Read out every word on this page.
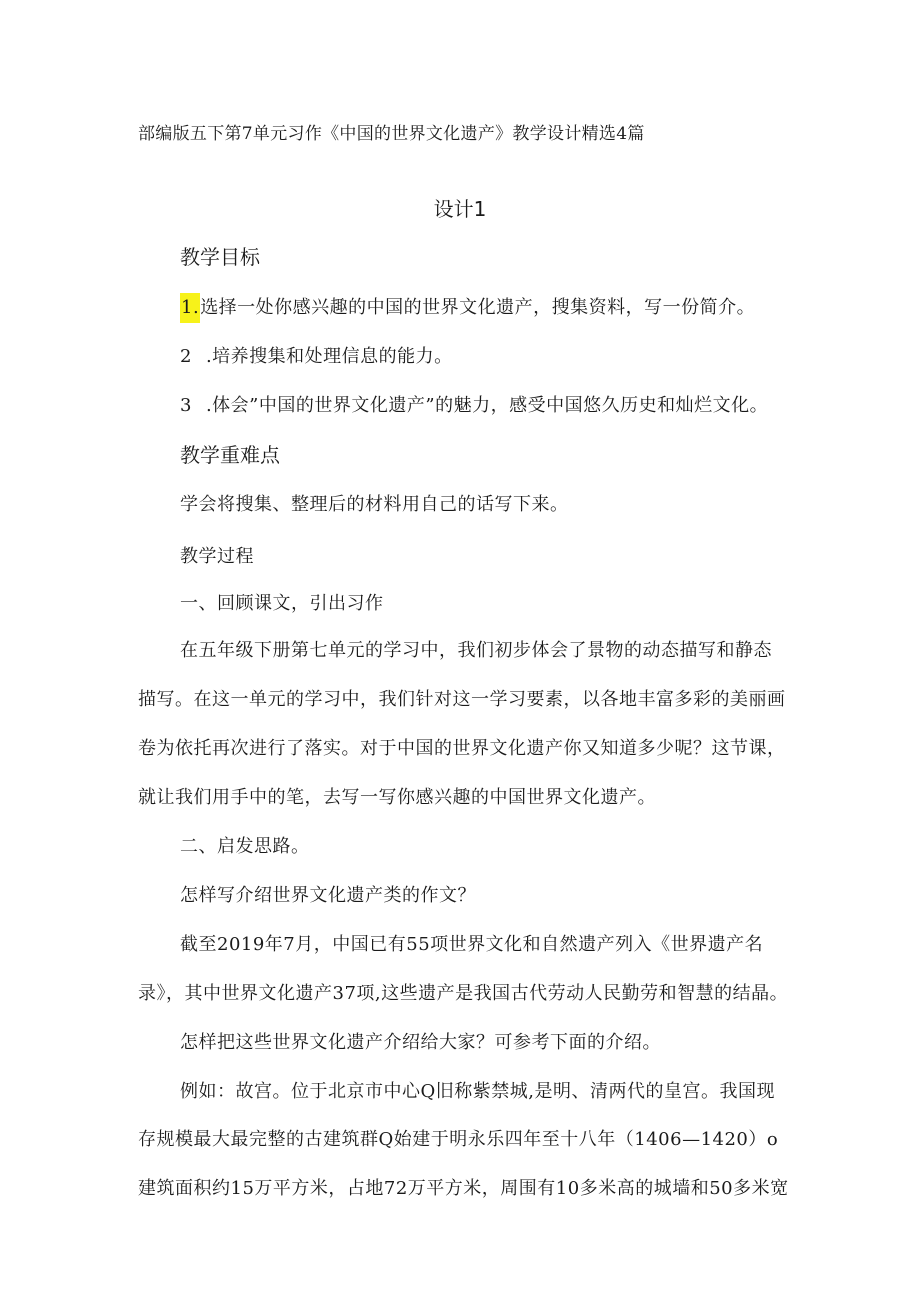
部编版五下第7单元习作《中国的世界文化遗产》教学设计精选4篇
设计1
教学目标
1.选择一处你感兴趣的中国的世界文化遗产，搜集资料，写一份简介。
2 .培养搜集和处理信息的能力。
3 .体会”中国的世界文化遗产”的魅力，感受中国悠久历史和灿烂文化。
教学重难点
学会将搜集、整理后的材料用自己的话写下来。
教学过程
一、回顾课文，引出习作
在五年级下册第七单元的学习中，我们初步体会了景物的动态描写和静态
描写。在这一单元的学习中，我们针对这一学习要素，以各地丰富多彩的美丽画
卷为依托再次进行了落实。对于中国的世界文化遗产你又知道多少呢？这节课，
就让我们用手中的笔，去写一写你感兴趣的中国世界文化遗产。
二、启发思路。
怎样写介绍世界文化遗产类的作文？
截至2019年7月，中国已有55项世界文化和自然遗产列入《世界遗产名
录》，其中世界文化遗产37项,这些遗产是我国古代劳动人民勤劳和智慧的结晶。
怎样把这些世界文化遗产介绍给大家？可参考下面的介绍。
例如：故宫。位于北京市中心Q旧称紫禁城,是明、清两代的皇宫。我国现
存规模最大最完整的古建筑群Q始建于明永乐四年至十八年（1406—1420）o
建筑面积约15万平方米，占地72万平方米，周围有10多米高的城墙和50多米宽
